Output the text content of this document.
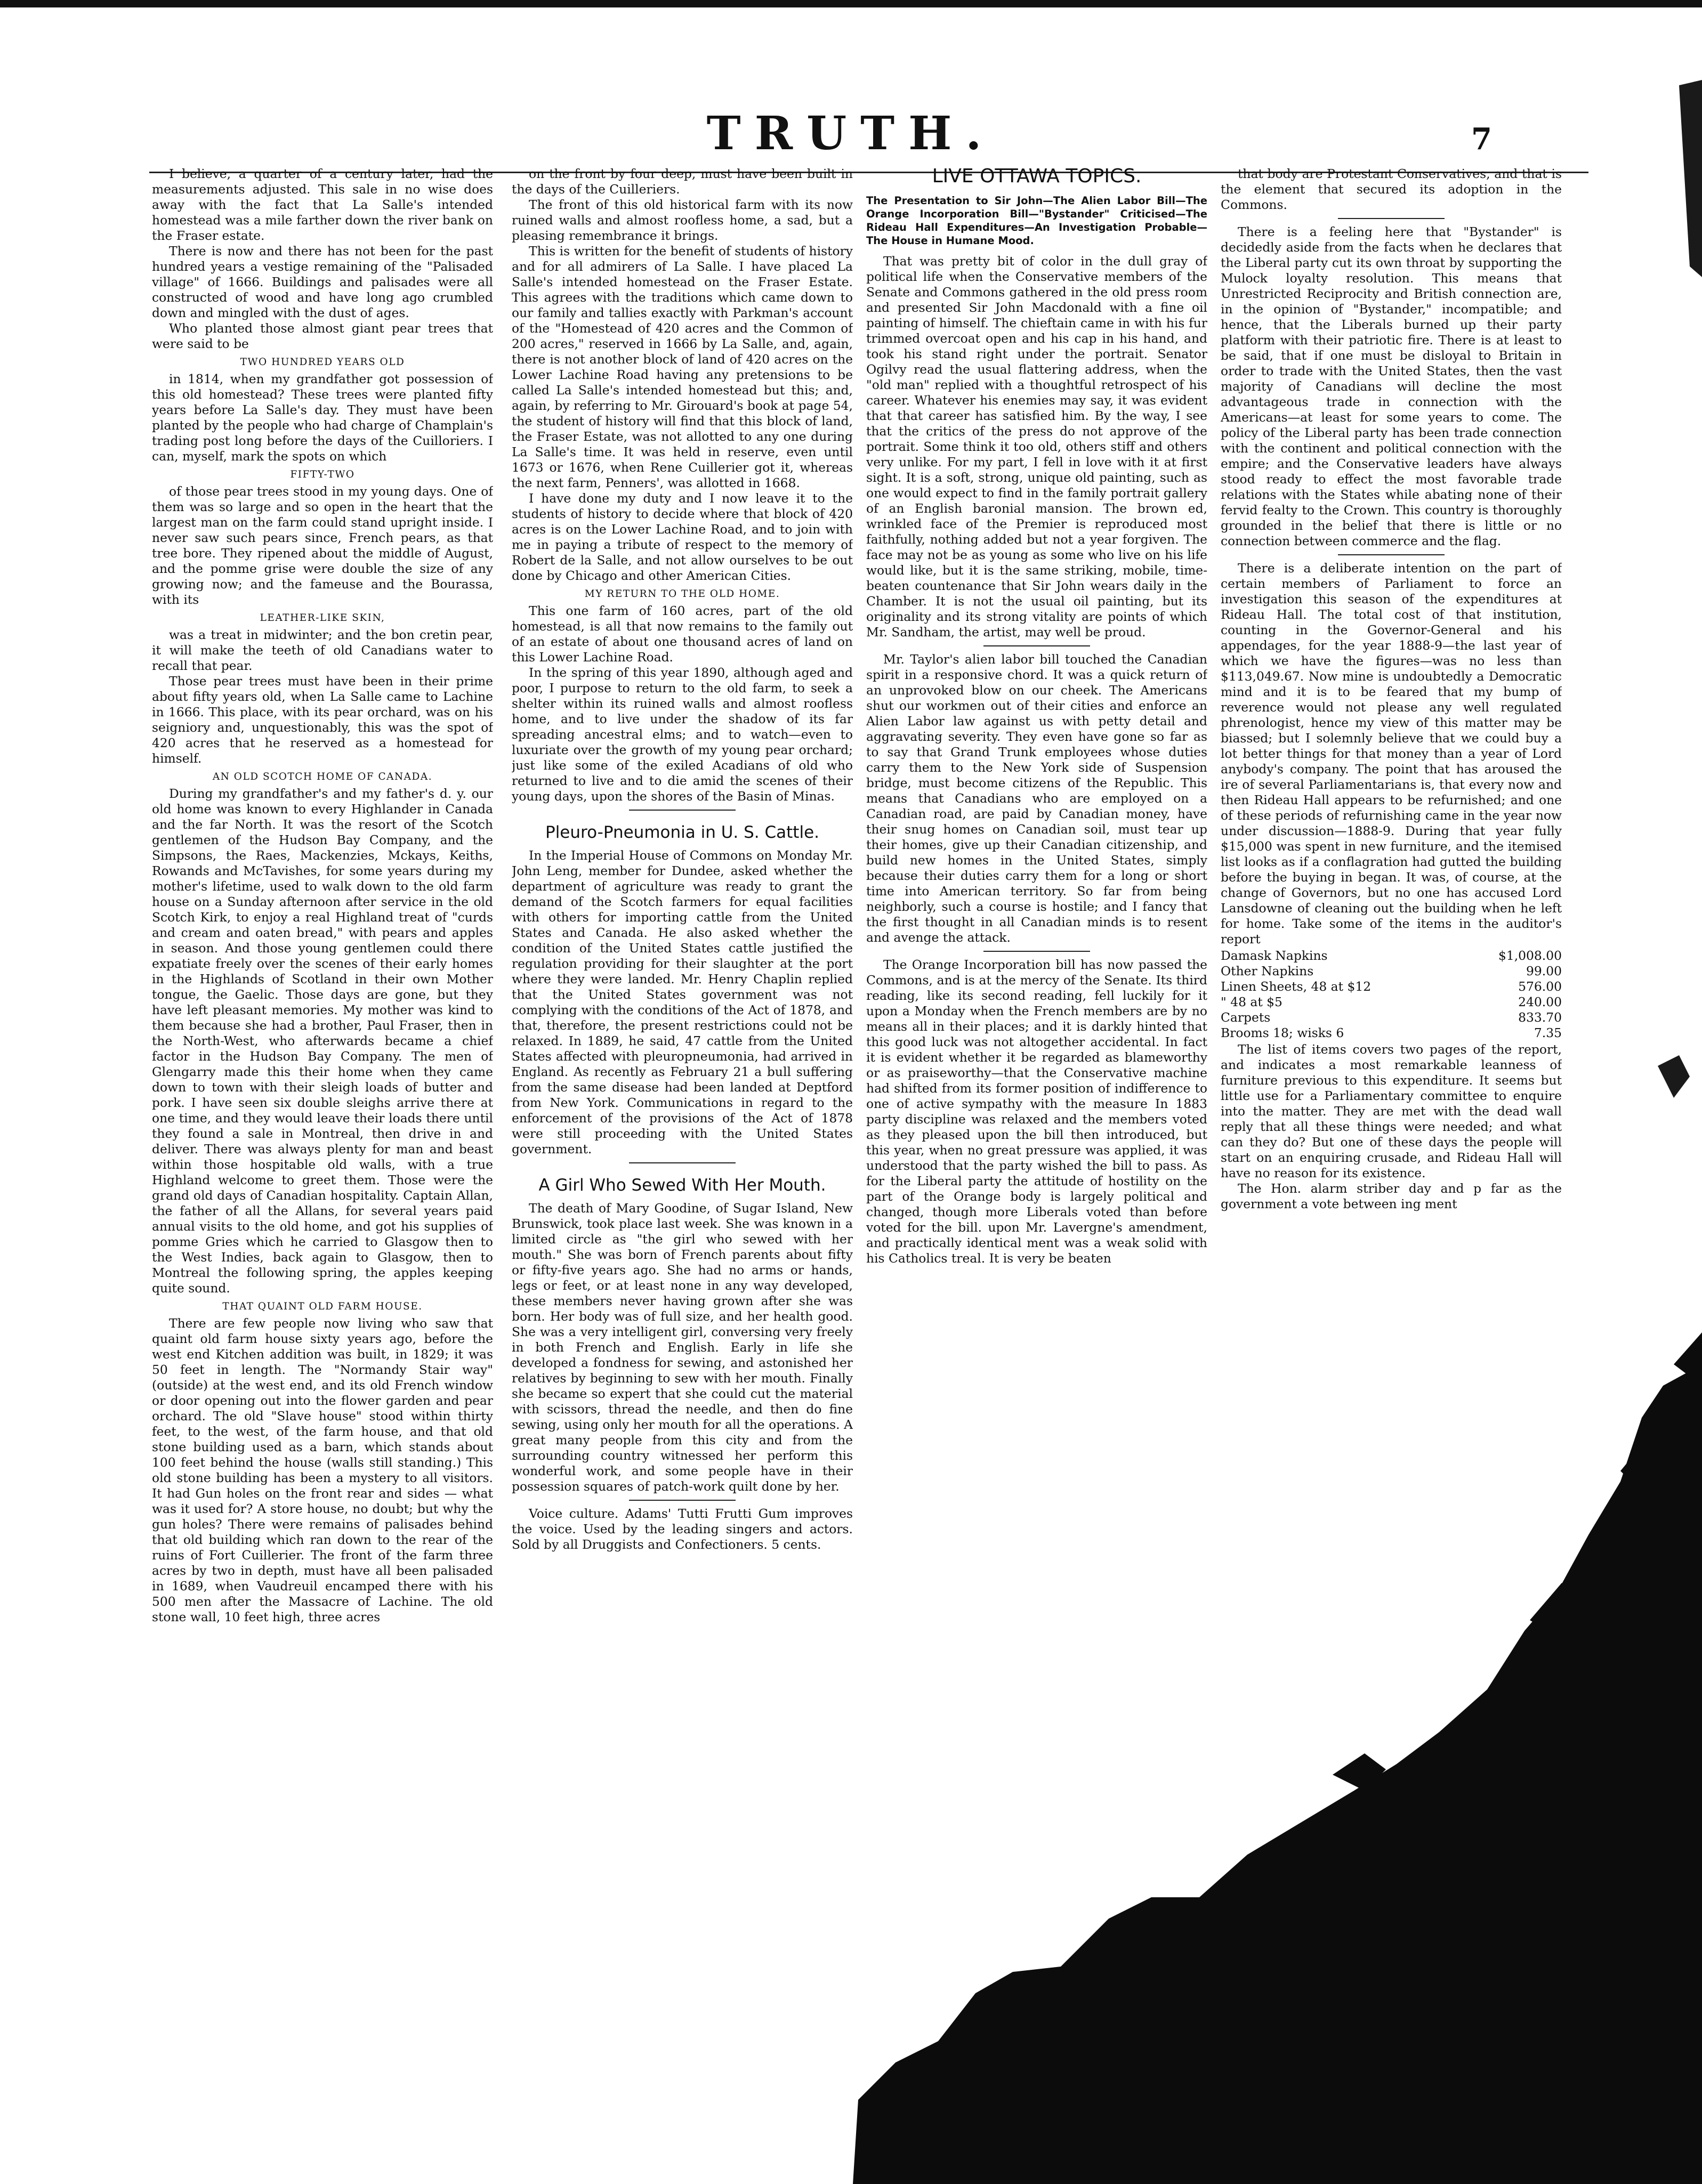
TRUTH.	7
I believe, a quarter of a century later, had the measurements adjusted. This sale in no wise does away with the fact that La Salle's intended homestead was a mile farther down the river bank on the Fraser estate.
There is now and there has not been for the past hundred years a vestige remaining of the "Palisaded village" of 1666. Buildings and palisades were all constructed of wood and have long ago crumbled down and mingled with the dust of ages.
Who planted those almost giant pear trees that were said to be
TWO HUNDRED YEARS OLD
in 1814, when my grandfather got possession of this old homestead? These trees were planted fifty years before La Salle's day. They must have been planted by the people who had charge of Champlain's trading post long before the days of the Cuilloriers. I can, myself, mark the spots on which
FIFTY-TWO
of those pear trees stood in my young days. One of them was so large and so open in the heart that the largest man on the farm could stand upright inside. I never saw such pears since, French pears, as that tree bore. They ripened about the middle of August, and the pomme grise were double the size of any growing now; and the fameuse and the Bourassa, with its
LEATHER-LIKE SKIN,
was a treat in midwinter; and the bon cretin pear, it will make the teeth of old Canadians water to recall that pear.
Those pear trees must have been in their prime about fifty years old, when La Salle came to Lachine in 1666. This place, with its pear orchard, was on his seigniory and, unquestionably, this was the spot of 420 acres that he reserved as a homestead for himself.
AN OLD SCOTCH HOME OF CANADA.
During my grandfather's and my father's d. y. our old home was known to every Highlander in Canada and the far North. It was the resort of the Scotch gentlemen of the Hudson Bay Company, and the Simpsons, the Raes, Mackenzies, Mckays, Keiths, Rowands and McTavishes, for some years during my mother's lifetime, used to walk down to the old farm house on a Sunday afternoon after service in the old Scotch Kirk, to enjoy a real Highland treat of "curds and cream and oaten bread," with pears and apples in season. And those young gentlemen could there expatiate freely over the scenes of their early homes in the Highlands of Scotland in their own Mother tongue, the Gaelic. Those days are gone, but they have left pleasant memories. My mother was kind to them because she had a brother, Paul Fraser, then in the North-West, who afterwards became a chief factor in the Hudson Bay Company. The men of Glengarry made this their home when they came down to town with their sleigh loads of butter and pork. I have seen six double sleighs arrive there at one time, and they would leave their loads there until they found a sale in Montreal, then drive in and deliver. There was always plenty for man and beast within those hospitable old walls, with a true Highland welcome to greet them. Those were the grand old days of Canadian hospitality. Captain Allan, the father of all the Allans, for several years paid annual visits to the old home, and got his supplies of pomme Gries which he carried to Glasgow then to the West Indies, back again to Glasgow, then to Montreal the following spring, the apples keeping quite sound.
THAT QUAINT OLD FARM HOUSE.
There are few people now living who saw that quaint old farm house sixty years ago, before the west end Kitchen addition was built, in 1829; it was 50 feet in length. The "Normandy Stair way" (outside) at the west end, and its old French window or door opening out into the flower garden and pear orchard. The old "Slave house" stood within thirty feet, to the west, of the farm house, and that old stone building used as a barn, which stands about 100 feet behind the house (walls still standing.) This old stone building has been a mystery to all visitors. It had Gun holes on the front rear and sides — what was it used for? A store house, no doubt; but why the gun holes? There were remains of palisades behind that old building which ran down to the rear of the ruins of Fort Cuillerier. The front of the farm three acres by two in depth, must have all been palisaded in 1689, when Vaudreuil encamped there with his 500 men after the Massacre of Lachine. The old stone wall, 10 feet high, three acres
on the front by four deep, must have been built in the days of the Cuilleriers.
The front of this old historical farm with its now ruined walls and almost roofless home, a sad, but a pleasing remembrance it brings.
This is written for the benefit of students of history and for all admirers of La Salle. I have placed La Salle's intended homestead on the Fraser Estate. This agrees with the traditions which came down to our family and tallies exactly with Parkman's account of the "Homestead of 420 acres and the Common of 200 acres," reserved in 1666 by La Salle, and, again, there is not another block of land of 420 acres on the Lower Lachine Road having any pretensions to be called La Salle's intended homestead but this; and, again, by referring to Mr. Girouard's book at page 54, the student of history will find that this block of land, the Fraser Estate, was not allotted to any one during La Salle's time. It was held in reserve, even until 1673 or 1676, when Rene Cuillerier got it, whereas the next farm, Penners', was allotted in 1668.
I have done my duty and I now leave it to the students of history to decide where that block of 420 acres is on the Lower Lachine Road, and to join with me in paying a tribute of respect to the memory of Robert de la Salle, and not allow ourselves to be out done by Chicago and other American Cities.
MY RETURN TO THE OLD HOME.
This one farm of 160 acres, part of the old homestead, is all that now remains to the family out of an estate of about one thousand acres of land on this Lower Lachine Road.
In the spring of this year 1890, although aged and poor, I purpose to return to the old farm, to seek a shelter within its ruined walls and almost roofless home, and to live under the shadow of its far spreading ancestral elms; and to watch—even to luxuriate over the growth of my young pear orchard; just like some of the exiled Acadians of old who returned to live and to die amid the scenes of their young days, upon the shores of the Basin of Minas.
Pleuro-Pneumonia in U. S. Cattle.
In the Imperial House of Commons on Monday Mr. John Leng, member for Dundee, asked whether the department of agriculture was ready to grant the demand of the Scotch farmers for equal facilities with others for importing cattle from the United States and Canada. He also asked whether the condition of the United States cattle justified the regulation providing for their slaughter at the port where they were landed. Mr. Henry Chaplin replied that the United States government was not complying with the conditions of the Act of 1878, and that, therefore, the present restrictions could not be relaxed. In 1889, he said, 47 cattle from the United States affected with pleuropneumonia, had arrived in England. As recently as February 21 a bull suffering from the same disease had been landed at Deptford from New York. Communications in regard to the enforcement of the provisions of the Act of 1878 were still proceeding with the United States government.
A Girl Who Sewed With Her Mouth.
The death of Mary Goodine, of Sugar Island, New Brunswick, took place last week. She was known in a limited circle as "the girl who sewed with her mouth." She was born of French parents about fifty or fifty-five years ago. She had no arms or hands, legs or feet, or at least none in any way developed, these members never having grown after she was born. Her body was of full size, and her health good. She was a very intelligent girl, conversing very freely in both French and English. Early in life she developed a fondness for sewing, and astonished her relatives by beginning to sew with her mouth. Finally she became so expert that she could cut the material with scissors, thread the needle, and then do fine sewing, using only her mouth for all the operations. A great many people from this city and from the surrounding country witnessed her perform this wonderful work, and some people have in their possession squares of patch-work quilt done by her.
Voice culture. Adams' Tutti Frutti Gum improves the voice. Used by the leading singers and actors. Sold by all Druggists and Confectioners. 5 cents.
LIVE OTTAWA TOPICS.
The Presentation to Sir John—The Alien Labor Bill—The Orange Incorporation Bill—"Bystander" Criticised—The Rideau Hall Expenditures—An Investigation Probable—The House in Humane Mood.
That was pretty bit of color in the dull gray of political life when the Conservative members of the Senate and Commons gathered in the old press room and presented Sir John Macdonald with a fine oil painting of himself. The chieftain came in with his fur trimmed overcoat open and his cap in his hand, and took his stand right under the portrait. Senator Ogilvy read the usual flattering address, when the "old man" replied with a thoughtful retrospect of his career. Whatever his enemies may say, it was evident that that career has satisfied him. By the way, I see that the critics of the press do not approve of the portrait. Some think it too old, others stiff and others very unlike. For my part, I fell in love with it at first sight. It is a soft, strong, unique old painting, such as one would expect to find in the family portrait gallery of an English baronial mansion. The brown ed, wrinkled face of the Premier is reproduced most faithfully, nothing added but not a year forgiven. The face may not be as young as some who live on his life would like, but it is the same striking, mobile, time-beaten countenance that Sir John wears daily in the Chamber. It is not the usual oil painting, but its originality and its strong vitality are points of which Mr. Sandham, the artist, may well be proud.
Mr. Taylor's alien labor bill touched the Canadian spirit in a responsive chord. It was a quick return of an unprovoked blow on our cheek. The Americans shut our workmen out of their cities and enforce an Alien Labor law against us with petty detail and aggravating severity. They even have gone so far as to say that Grand Trunk employees whose duties carry them to the New York side of Suspension bridge, must become citizens of the Republic. This means that Canadians who are employed on a Canadian road, are paid by Canadian money, have their snug homes on Canadian soil, must tear up their homes, give up their Canadian citizenship, and build new homes in the United States, simply because their duties carry them for a long or short time into American territory. So far from being neighborly, such a course is hostile; and I fancy that the first thought in all Canadian minds is to resent and avenge the attack.
The Orange Incorporation bill has now passed the Commons, and is at the mercy of the Senate. Its third reading, like its second reading, fell luckily for it upon a Monday when the French members are by no means all in their places; and it is darkly hinted that this good luck was not altogether accidental. In fact it is evident whether it be regarded as blameworthy or as praiseworthy—that the Conservative machine had shifted from its former position of indifference to one of active sympathy with the measure In 1883 party discipline was relaxed and the members voted as they pleased upon the bill then introduced, but this year, when no great pressure was applied, it was understood that the party wished the bill to pass. As for the Liberal party the attitude of hostility on the part of the Orange body is largely political and changed, though more Liberals voted than before voted for the bill. upon Mr. Lavergne's amendment, and practically identical ment was a weak solid with his Catholics treal. It is very be beaten
that body are Protestant Conservatives, and that is the element that secured its adoption in the Commons.
There is a feeling here that "Bystander" is decidedly aside from the facts when he declares that the Liberal party cut its own throat by supporting the Mulock loyalty resolution. This means that Unrestricted Reciprocity and British connection are, in the opinion of "Bystander," incompatible; and hence, that the Liberals burned up their party platform with their patriotic fire. There is at least to be said, that if one must be disloyal to Britain in order to trade with the United States, then the vast majority of Canadians will decline the most advantageous trade in connection with the Americans—at least for some years to come. The policy of the Liberal party has been trade connection with the continent and political connection with the empire; and the Conservative leaders have always stood ready to effect the most favorable trade relations with the States while abating none of their fervid fealty to the Crown. This country is thoroughly grounded in the belief that there is little or no connection between commerce and the flag.
There is a deliberate intention on the part of certain members of Parliament to force an investigation this season of the expenditures at Rideau Hall. The total cost of that institution, counting in the Governor-General and his appendages, for the year 1888-9—the last year of which we have the figures—was no less than $113,049.67. Now mine is undoubtedly a Democratic mind and it is to be feared that my bump of reverence would not please any well regulated phrenologist, hence my view of this matter may be biassed; but I solemnly believe that we could buy a lot better things for that money than a year of Lord anybody's company. The point that has aroused the ire of several Parliamentarians is, that every now and then Rideau Hall appears to be refurnished; and one of these periods of refurnishing came in the year now under discussion—1888-9. During that year fully $15,000 was spent in new furniture, and the itemised list looks as if a conflagration had gutted the building before the buying in began. It was, of course, at the change of Governors, but no one has accused Lord Lansdowne of cleaning out the building when he left for home. Take some of the items in the auditor's report
Damask Napkins	$1,008.00
Other Napkins	99.00
Linen Sheets, 48 at $12	576.00
" 48 at $5	240.00
Carpets	833.70
Brooms 18; wisks 6	7.35
The list of items covers two pages of the report, and indicates a most remarkable leanness of furniture previous to this expenditure. It seems but little use for a Parliamentary committee to enquire into the matter. They are met with the dead wall reply that all these things were needed; and what can they do? But one of these days the people will start on an enquiring crusade, and Rideau Hall will have no reason for its existence.
The Hon. alarm striber day and p far as the government a vote between ing ment
